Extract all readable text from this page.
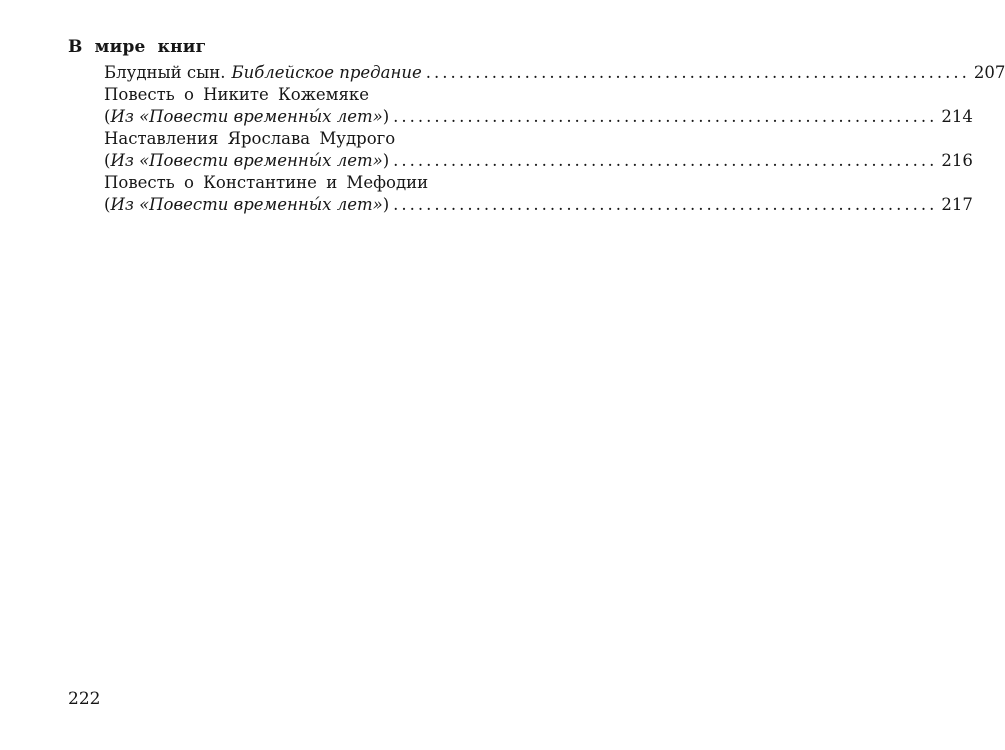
В мире книг
Блудный сын. Библейское предание .................................................................. 207
Повесть о Никите Кожемяке
( Из «Повести временны́х лет» ) .................................................................. 214
Наставления Ярослава Мудрого
( Из «Повести временны́х лет» ) .................................................................. 216
Повесть о Константине и Мефодии
( Из «Повести временны́х лет» ) .................................................................. 217
222
